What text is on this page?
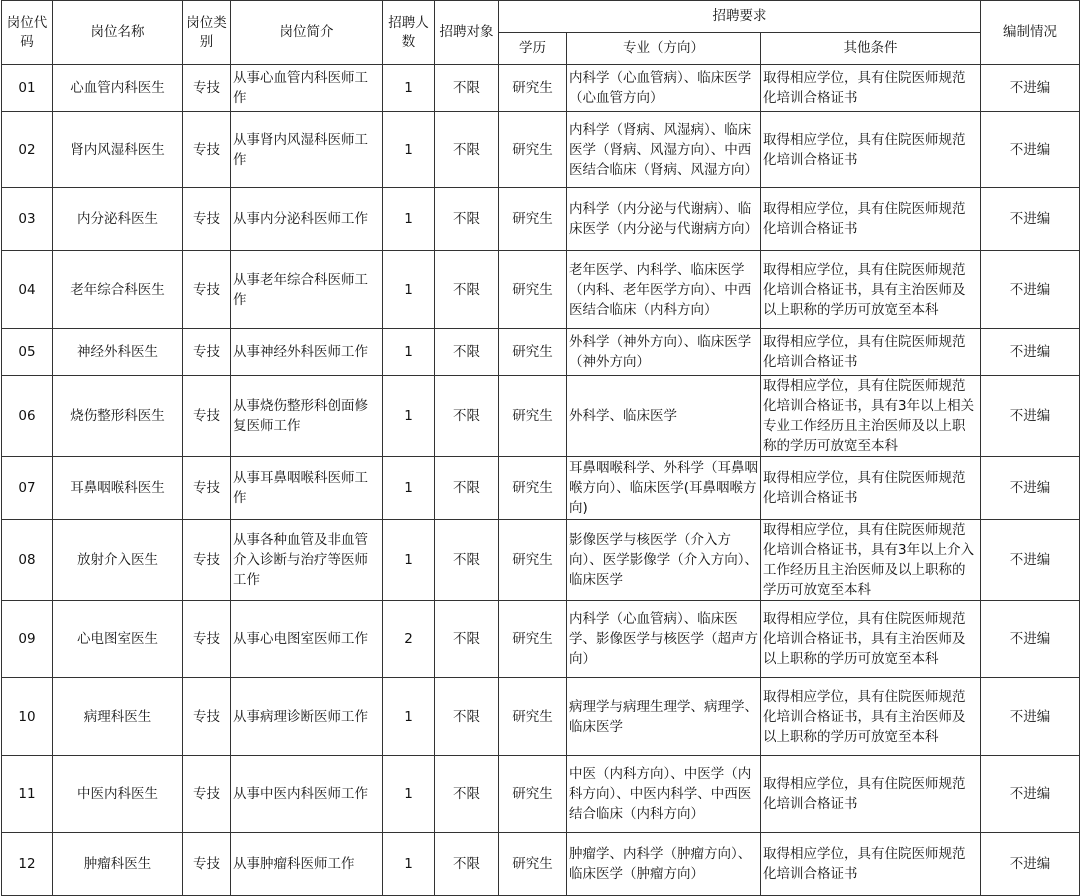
岗位代码	岗位名称	岗位类别	岗位简介	招聘人数	招聘对象	招聘要求			编制情况
						学历	专业（方向）	其他条件	
01	心血管内科医生	专技	从事心血管内科医师工作	1	不限	研究生	内科学（心血管病）、临床医学（心血管方向）	取得相应学位，具有住院医师规范化培训合格证书	不进编
02	肾内风湿科医生	专技	从事肾内风湿科医师工作	1	不限	研究生	内科学（肾病、风湿病）、临床医学（肾病、风湿方向）、中西医结合临床（肾病、风湿方向）	取得相应学位，具有住院医师规范化培训合格证书	不进编
03	内分泌科医生	专技	从事内分泌科医师工作	1	不限	研究生	内科学（内分泌与代谢病）、临床医学（内分泌与代谢病方向）	取得相应学位，具有住院医师规范化培训合格证书	不进编
04	老年综合科医生	专技	从事老年综合科医师工作	1	不限	研究生	老年医学、内科学、临床医学（内科、老年医学方向）、中西医结合临床（内科方向）	取得相应学位，具有住院医师规范化培训合格证书，具有主治医师及以上职称的学历可放宽至本科	不进编
05	神经外科医生	专技	从事神经外科医师工作	1	不限	研究生	外科学（神外方向）、临床医学（神外方向）	取得相应学位，具有住院医师规范化培训合格证书	不进编
06	烧伤整形科医生	专技	从事烧伤整形科创面修复医师工作	1	不限	研究生	外科学、临床医学	取得相应学位，具有住院医师规范化培训合格证书，具有3年以上相关专业工作经历且主治医师及以上职称的学历可放宽至本科	不进编
07	耳鼻咽喉科医生	专技	从事耳鼻咽喉科医师工作	1	不限	研究生	耳鼻咽喉科学、外科学（耳鼻咽喉方向）、临床医学(耳鼻咽喉方向)	取得相应学位，具有住院医师规范化培训合格证书	不进编
08	放射介入医生	专技	从事各种血管及非血管介入诊断与治疗等医师工作	1	不限	研究生	影像医学与核医学（介入方向）、医学影像学（介入方向）、临床医学	取得相应学位，具有住院医师规范化培训合格证书，具有3年以上介入工作经历且主治医师及以上职称的学历可放宽至本科	不进编
09	心电图室医生	专技	从事心电图室医师工作	2	不限	研究生	内科学（心血管病）、临床医学、影像医学与核医学（超声方向）	取得相应学位，具有住院医师规范化培训合格证书，具有主治医师及以上职称的学历可放宽至本科	不进编
10	病理科医生	专技	从事病理诊断医师工作	1	不限	研究生	病理学与病理生理学、病理学、临床医学	取得相应学位，具有住院医师规范化培训合格证书，具有主治医师及以上职称的学历可放宽至本科	不进编
11	中医内科医生	专技	从事中医内科医师工作	1	不限	研究生	中医（内科方向）、中医学（内科方向）、中医内科学、中西医结合临床（内科方向）	取得相应学位，具有住院医师规范化培训合格证书	不进编
12	肿瘤科医生	专技	从事肿瘤科医师工作	1	不限	研究生	肿瘤学、内科学（肿瘤方向）、临床医学（肿瘤方向）	取得相应学位，具有住院医师规范化培训合格证书	不进编
